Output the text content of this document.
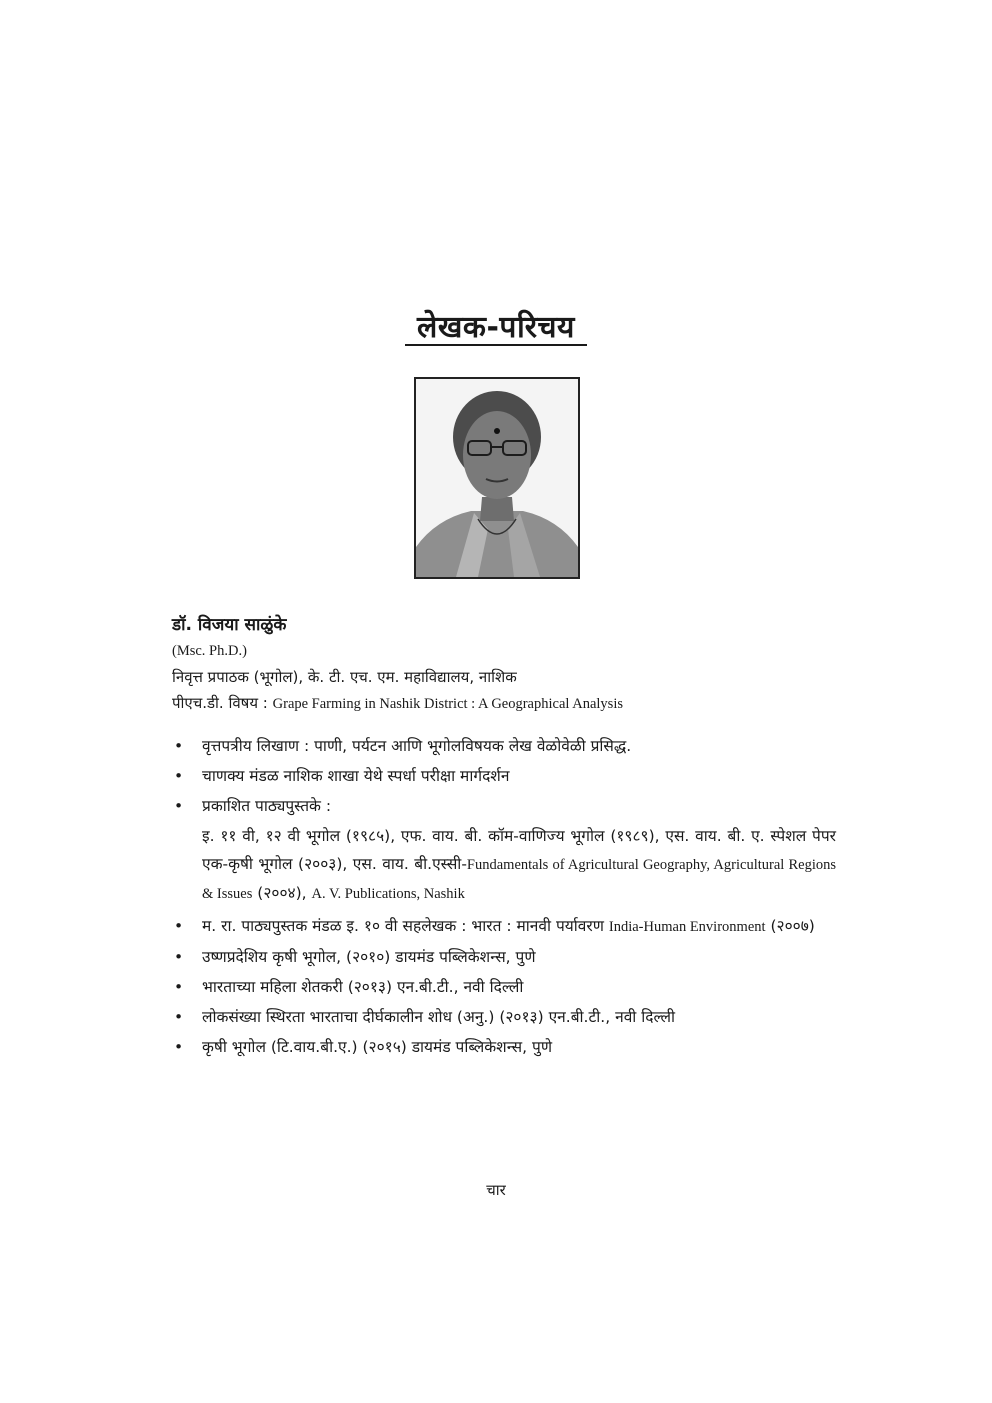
लेखक-परिचय
डॉ. विजया साळुंके
(Msc. Ph.D.)
निवृत्त प्रपाठक (भूगोल), के. टी. एच. एम. महाविद्यालय, नाशिक
पीएच.डी. विषय : Grape Farming in Nashik District : A Geographical Analysis
• वृत्तपत्रीय लिखाण : पाणी, पर्यटन आणि भूगोलविषयक लेख वेळोवेळी प्रसिद्ध.
• चाणक्य मंडळ नाशिक शाखा येथे स्पर्धा परीक्षा मार्गदर्शन
• प्रकाशित पाठ्यपुस्तके :
इ. ११ वी, १२ वी भूगोल (१९८५), एफ. वाय. बी. कॉम-वाणिज्य भूगोल (१९८९), एस. वाय. बी. ए. स्पेशल पेपर एक-कृषी भूगोल (२००३), एस. वाय. बी.एस्सी-Fundamentals of Agricultural Geography, Agricultural Regions & Issues (२००४), A. V. Publications, Nashik
• म. रा. पाठ्यपुस्तक मंडळ इ. १० वी सहलेखक : भारत : मानवी पर्यावरण India-Human Environment (२००७)
• उष्णप्रदेशिय कृषी भूगोल, (२०१०) डायमंड पब्लिकेशन्स, पुणे
• भारताच्या महिला शेतकरी (२०१३) एन.बी.टी., नवी दिल्ली
• लोकसंख्या स्थिरता भारताचा दीर्घकालीन शोध (अनु.) (२०१३) एन.बी.टी., नवी दिल्ली
• कृषी भूगोल (टि.वाय.बी.ए.) (२०१५) डायमंड पब्लिकेशन्स, पुणे
चार
